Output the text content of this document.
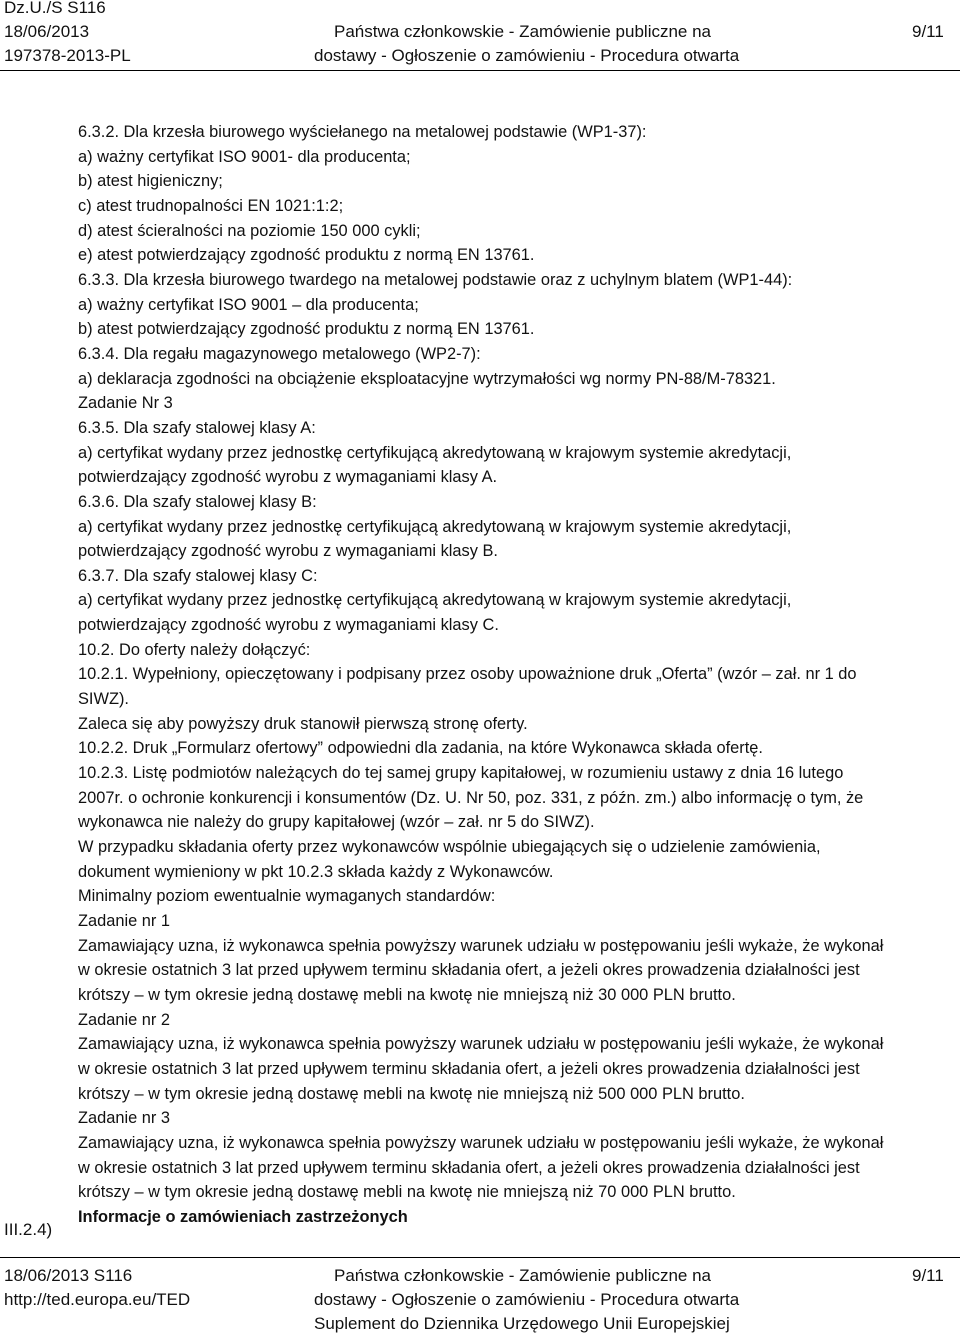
Dz.U./S S116
18/06/2013
197378-2013-PL
Państwa członkowskie - Zamówienie publiczne na
dostawy - Ogłoszenie o zamówieniu - Procedura otwarta
9/11
III.2.4)
6.3.2. Dla krzesła biurowego wyściełanego na metalowej podstawie (WP1-37):
a) ważny certyfikat ISO 9001- dla producenta;
b) atest higieniczny;
c) atest trudnopalności EN 1021:1:2;
d) atest ścieralności na poziomie 150 000 cykli;
e) atest potwierdzający zgodność produktu z normą EN 13761.
6.3.3. Dla krzesła biurowego twardego na metalowej podstawie oraz z uchylnym blatem (WP1-44):
a) ważny certyfikat ISO 9001 – dla producenta;
b) atest potwierdzający zgodność produktu z normą EN 13761.
6.3.4. Dla regału magazynowego metalowego (WP2-7):
a) deklaracja zgodności na obciążenie eksploatacyjne wytrzymałości wg normy PN-88/M-78321.
Zadanie Nr 3
6.3.5. Dla szafy stalowej klasy A:
a) certyfikat wydany przez jednostkę certyfikującą akredytowaną w krajowym systemie akredytacji,
potwierdzający zgodność wyrobu z wymaganiami klasy A.
6.3.6. Dla szafy stalowej klasy B:
a) certyfikat wydany przez jednostkę certyfikującą akredytowaną w krajowym systemie akredytacji,
potwierdzający zgodność wyrobu z wymaganiami klasy B.
6.3.7. Dla szafy stalowej klasy C:
a) certyfikat wydany przez jednostkę certyfikującą akredytowaną w krajowym systemie akredytacji,
potwierdzający zgodność wyrobu z wymaganiami klasy C.
10.2. Do oferty należy dołączyć:
10.2.1. Wypełniony, opieczętowany i podpisany przez osoby upoważnione druk „Oferta” (wzór – zał. nr 1 do
SIWZ).
Zaleca się aby powyższy druk stanowił pierwszą stronę oferty.
10.2.2. Druk „Formularz ofertowy” odpowiedni dla zadania, na które Wykonawca składa ofertę.
10.2.3. Listę podmiotów należących do tej samej grupy kapitałowej, w rozumieniu ustawy z dnia 16 lutego
2007r. o ochronie konkurencji i konsumentów (Dz. U. Nr 50, poz. 331, z późn. zm.) albo informację o tym, że
wykonawca nie należy do grupy kapitałowej (wzór – zał. nr 5 do SIWZ).
W przypadku składania oferty przez wykonawców wspólnie ubiegających się o udzielenie zamówienia,
dokument wymieniony w pkt 10.2.3 składa każdy z Wykonawców.
Minimalny poziom ewentualnie wymaganych standardów:
Zadanie nr 1
Zamawiający uzna, iż wykonawca spełnia powyższy warunek udziału w postępowaniu jeśli wykaże, że wykonał
w okresie ostatnich 3 lat przed upływem terminu składania ofert, a jeżeli okres prowadzenia działalności jest
krótszy – w tym okresie jedną dostawę mebli na kwotę nie mniejszą niż 30 000 PLN brutto.
Zadanie nr 2
Zamawiający uzna, iż wykonawca spełnia powyższy warunek udziału w postępowaniu jeśli wykaże, że wykonał
w okresie ostatnich 3 lat przed upływem terminu składania ofert, a jeżeli okres prowadzenia działalności jest
krótszy – w tym okresie jedną dostawę mebli na kwotę nie mniejszą niż 500 000 PLN brutto.
Zadanie nr 3
Zamawiający uzna, iż wykonawca spełnia powyższy warunek udziału w postępowaniu jeśli wykaże, że wykonał
w okresie ostatnich 3 lat przed upływem terminu składania ofert, a jeżeli okres prowadzenia działalności jest
krótszy – w tym okresie jedną dostawę mebli na kwotę nie mniejszą niż 70 000 PLN brutto.
Informacje o zamówieniach zastrzeżonych
18/06/2013 S116
http://ted.europa.eu/TED
Państwa członkowskie - Zamówienie publiczne na
dostawy - Ogłoszenie o zamówieniu - Procedura otwarta
Suplement do Dziennika Urzędowego Unii Europejskiej
9/11
